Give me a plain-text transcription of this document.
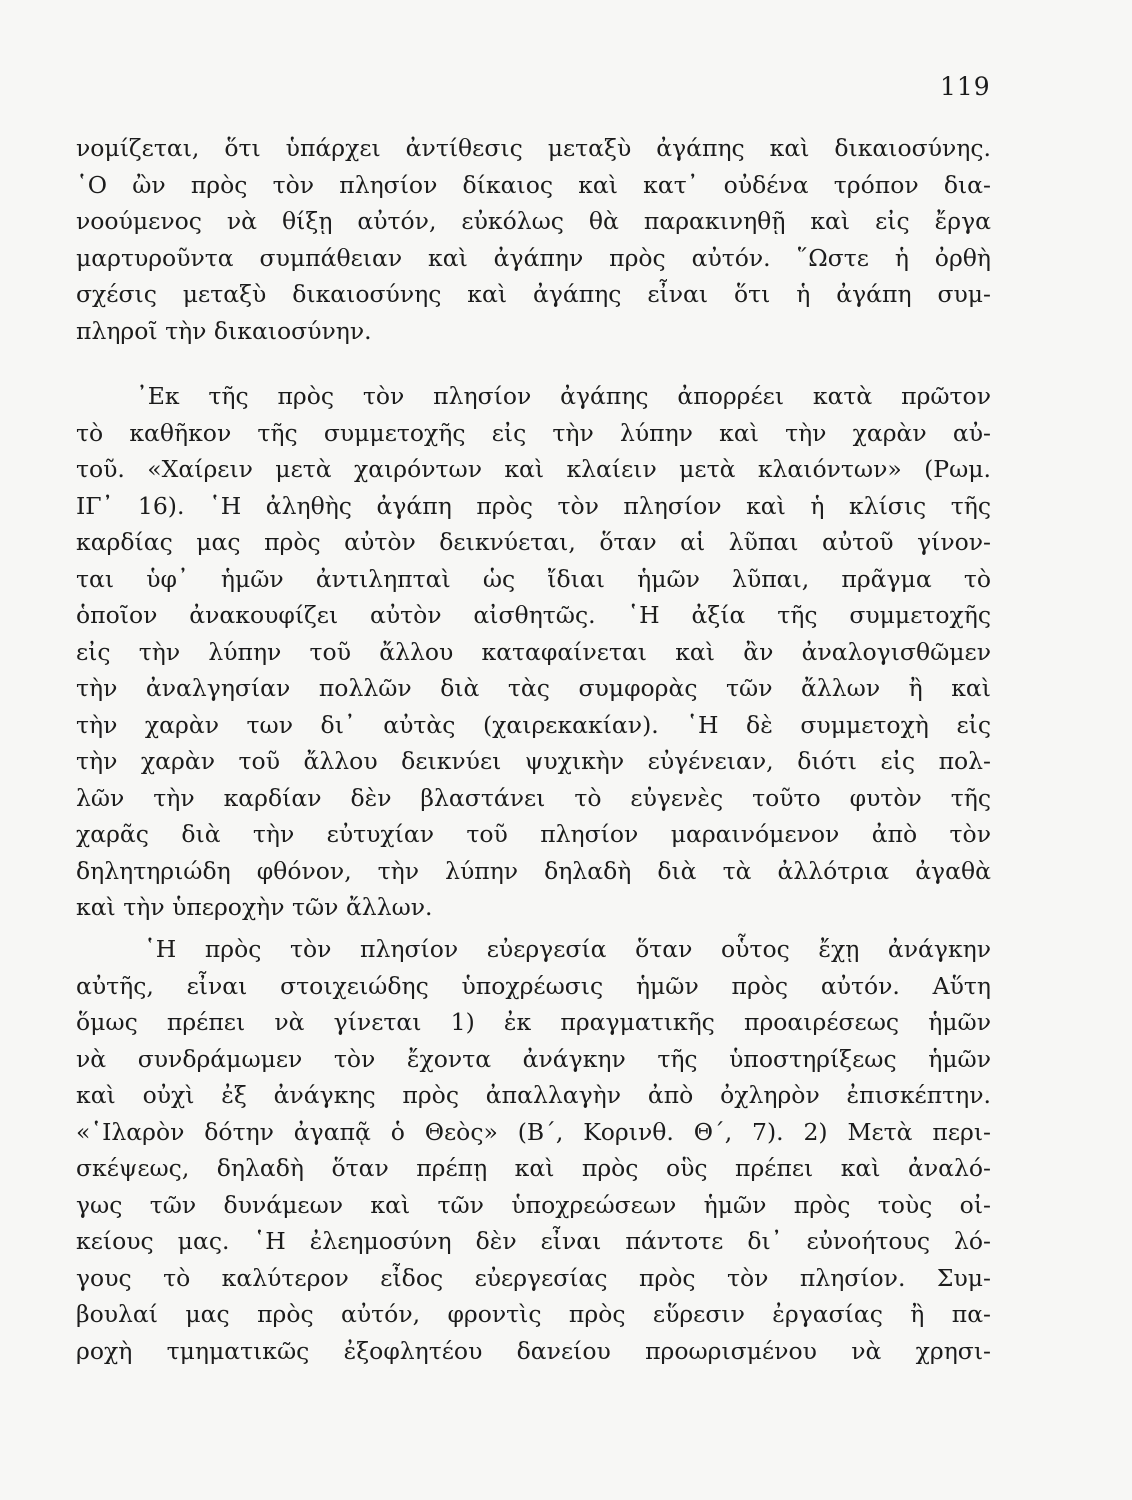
119
νομίζεται, ὅτι ὑπάρχει ἀντίθεσις μεταξὺ ἀγάπης καὶ δικαιοσύνης.
῾Ο ὢν πρὸς τὸν πλησίον δίκαιος καὶ κατ᾽ οὐδένα τρόπον δια-
νοούμενος νὰ θίξῃ αὐτόν, εὐκόλως θὰ παρακινηθῇ καὶ εἰς ἔργα
μαρτυροῦντα συμπάθειαν καὶ ἀγάπην πρὸς αὐτόν. ῞Ωστε ἡ ὀρθὴ
σχέσις μεταξὺ δικαιοσύνης καὶ ἀγάπης εἶναι ὅτι ἡ ἀγάπη συμ-
πληροῖ τὴν δικαιοσύνην.
᾽Εκ τῆς πρὸς τὸν πλησίον ἀγάπης ἀπορρέει κατὰ πρῶτον
τὸ καθῆκον τῆς συμμετοχῆς εἰς τὴν λύπην καὶ τὴν χαρὰν αὐ-
τοῦ. «Χαίρειν μετὰ χαιρόντων καὶ κλαίειν μετὰ κλαιόντων» (Ρωμ.
ΙΓ᾽ 16). ῾Η ἀληθὴς ἀγάπη πρὸς τὸν πλησίον καὶ ἡ κλίσις τῆς
καρδίας μας πρὸς αὐτὸν δεικνύεται, ὅταν αἱ λῦπαι αὐτοῦ γίνον-
ται ὑφ᾽ ἡμῶν ἀντιληπταὶ ὡς ἴδιαι ἡμῶν λῦπαι, πρᾶγμα τὸ
ὁποῖον ἀνακουφίζει αὐτὸν αἰσθητῶς. ῾Η ἀξία τῆς συμμετοχῆς
εἰς τὴν λύπην τοῦ ἄλλου καταφαίνεται καὶ ἂν ἀναλογισθῶμεν
τὴν ἀναλγησίαν πολλῶν διὰ τὰς συμφορὰς τῶν ἄλλων ἢ καὶ
τὴν χαρὰν των δι᾽ αὐτὰς (χαιρεκακίαν). ῾Η δὲ συμμετοχὴ εἰς
τὴν χαρὰν τοῦ ἄλλου δεικνύει ψυχικὴν εὐγένειαν, διότι εἰς πολ-
λῶν τὴν καρδίαν δὲν βλαστάνει τὸ εὐγενὲς τοῦτο φυτὸν τῆς
χαρᾶς διὰ τὴν εὐτυχίαν τοῦ πλησίον μαραινόμενον ἀπὸ τὸν
δηλητηριώδη φθόνον, τὴν λύπην δηλαδὴ διὰ τὰ ἀλλότρια ἀγαθὰ
καὶ τὴν ὑπεροχὴν τῶν ἄλλων.
῾Η πρὸς τὸν πλησίον εὐεργεσία ὅταν οὗτος ἔχῃ ἀνάγκην
αὐτῆς, εἶναι στοιχειώδης ὑποχρέωσις ἡμῶν πρὸς αὐτόν. Αὕτη
ὅμως πρέπει νὰ γίνεται 1) ἐκ πραγματικῆς προαιρέσεως ἡμῶν
νὰ συνδράμωμεν τὸν ἔχοντα ἀνάγκην τῆς ὑποστηρίξεως ἡμῶν
καὶ οὐχὶ ἐξ ἀνάγκης πρὸς ἀπαλλαγὴν ἀπὸ ὀχληρὸν ἐπισκέπτην.
«῾Ιλαρὸν δότην ἀγαπᾷ ὁ Θεὸς» (Β΄, Κορινθ. Θ΄, 7). 2) Μετὰ περι-
σκέψεως, δηλαδὴ ὅταν πρέπῃ καὶ πρὸς οὓς πρέπει καὶ ἀναλό-
γως τῶν δυνάμεων καὶ τῶν ὑποχρεώσεων ἡμῶν πρὸς τοὺς οἰ-
κείους μας. ῾Η ἐλεημοσύνη δὲν εἶναι πάντοτε δι᾽ εὐνοήτους λό-
γους τὸ καλύτερον εἶδος εὐεργεσίας πρὸς τὸν πλησίον. Συμ-
βουλαί μας πρὸς αὐτόν, φροντὶς πρὸς εὕρεσιν ἐργασίας ἢ πα-
ροχὴ τμηματικῶς ἐξοφλητέου δανείου προωρισμένου νὰ χρησι-
